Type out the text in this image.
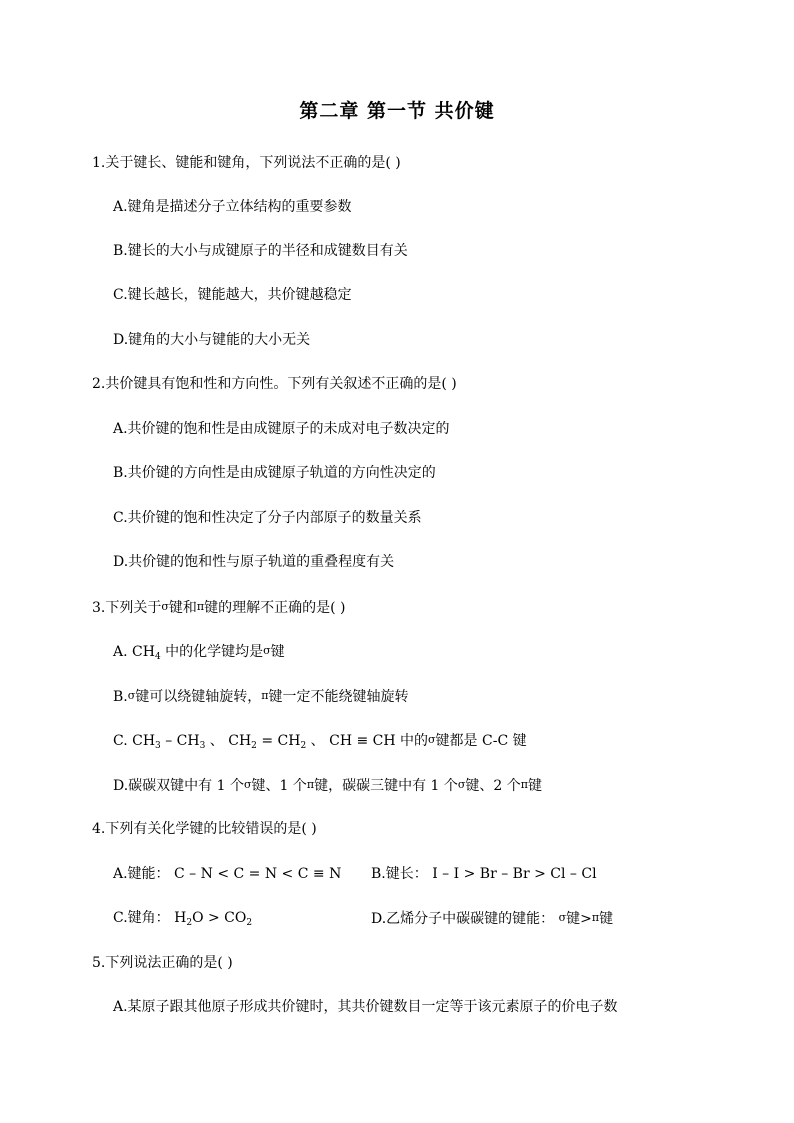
第二章 第一节 共价键
1.关于键长、键能和键角，下列说法不正确的是( )
A.键角是描述分子立体结构的重要参数
B.键长的大小与成键原子的半径和成键数目有关
C.键长越长，键能越大，共价键越稳定
D.键角的大小与键能的大小无关
2.共价键具有饱和性和方向性。下列有关叙述不正确的是( )
A.共价键的饱和性是由成键原子的未成对电子数决定的
B.共价键的方向性是由成键原子轨道的方向性决定的
C.共价键的饱和性决定了分子内部原子的数量关系
D.共价键的饱和性与原子轨道的重叠程度有关
3.下列关于σ键和π键的理解不正确的是( )
A. $CH_4$ 中的化学键均是σ键
B.σ键可以绕键轴旋转，π键一定不能绕键轴旋转
C. $CH_3 - CH_3$ 、 $CH_2 = CH_2$ 、 CH ≡ CH 中的σ键都是 C-C 键
D.碳碳双键中有 1 个σ键、1 个π键，碳碳三键中有 1 个σ键、2 个π键
4.下列有关化学键的比较错误的是( )
A.键能： C – N < C = N < C ≡ N B.键长： I – I > Br – Br > Cl – Cl
C.键角： $H_2O > CO_2$	D.乙烯分子中碳碳键的键能： σ键>π键
5.下列说法正确的是( )
A.某原子跟其他原子形成共价键时，其共价键数目一定等于该元素原子的价电子数
